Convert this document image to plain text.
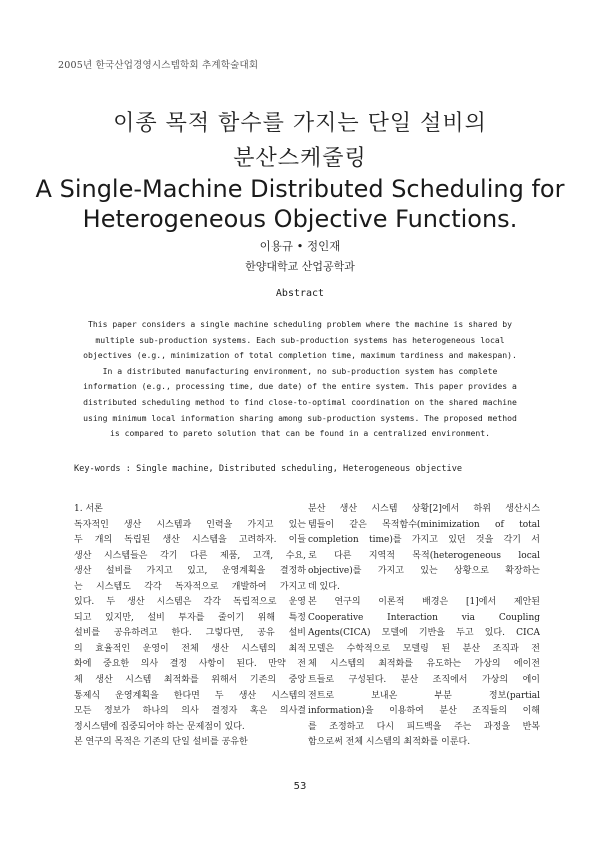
2005년 한국산업경영시스템학회 추계학술대회
이종 목적 함수를 가지는 단일 설비의
분산스케줄링
A Single-Machine Distributed Scheduling for
Heterogeneous Objective Functions.
이용규 • 정인재
한양대학교 산업공학과
Abstract

This paper considers a single machine scheduling problem where the machine is shared by

multiple sub-production systems. Each sub-production systems has heterogeneous local

objectives (e.g., minimization of total completion time, maximum tardiness and makespan).

In a distributed manufacturing environment, no sub-production system has complete

information (e.g., processing time, due date) of the entire system. This paper provides a

distributed scheduling method to find close-to-optimal coordination on the shared machine

using minimum local information sharing among sub-production systems. The proposed method

is compared to pareto solution that can be found in a centralized environment.

Key-words : Single machine, Distributed scheduling, Heterogeneous objective
1. 서론
독자적인 생산 시스템과 인력을 가지고 있는
두 개의 독립된 생산 시스템을 고려하자. 이들
생산 시스템들은 각기 다른 제품, 고객, 수요,
생산 설비를 가지고 있고, 운영계획을 결정하
는 시스템도 각각 독자적으로 개발하여 가지고
있다. 두 생산 시스템은 각각 독립적으로 운영
되고 있지만, 설비 투자를 줄이기 위해 특정
설비를 공유하려고 한다. 그렇다면, 공유 설비
의 효율적인 운영이 전체 생산 시스템의 최적
화에 중요한 의사 결정 사항이 된다. 만약 전
체 생산 시스템 최적화를 위해서 기존의 중앙
통제식 운영계획을 한다면 두 생산 시스템의
모든 정보가 하나의 의사 결정자 혹은 의사결
정시스템에 집중되어야 하는 문제점이 있다.
본 연구의 목적은 기존의 단일 설비를 공유한
분산 생산 시스템 상황[2]에서 하위 생산시스
템들이 같은 목적함수(minimization of total
completion time)를 가지고 있던 것을 각기 서
로 다른 지역적 목적(heterogeneous local
objective)를 가지고 있는 상황으로 확장하는
데 있다.
본 연구의 이론적 배경은 [1]에서 제안된
Cooperative Interaction via Coupling
Agents(CICA) 모델에 기반을 두고 있다. CICA
모델은 수학적으로 모델링 된 분산 조직과 전
체 시스템의 최적화를 유도하는 가상의 에이전
트들로 구성된다. 분산 조직에서 가상의 에이
전트로 보내온 부분 정보(partial
information)을 이용하여 분산 조직들의 이해
를 조정하고 다시 피드백을 주는 과정을 반복
함으로써 전체 시스템의 최적화를 이룬다.
53
